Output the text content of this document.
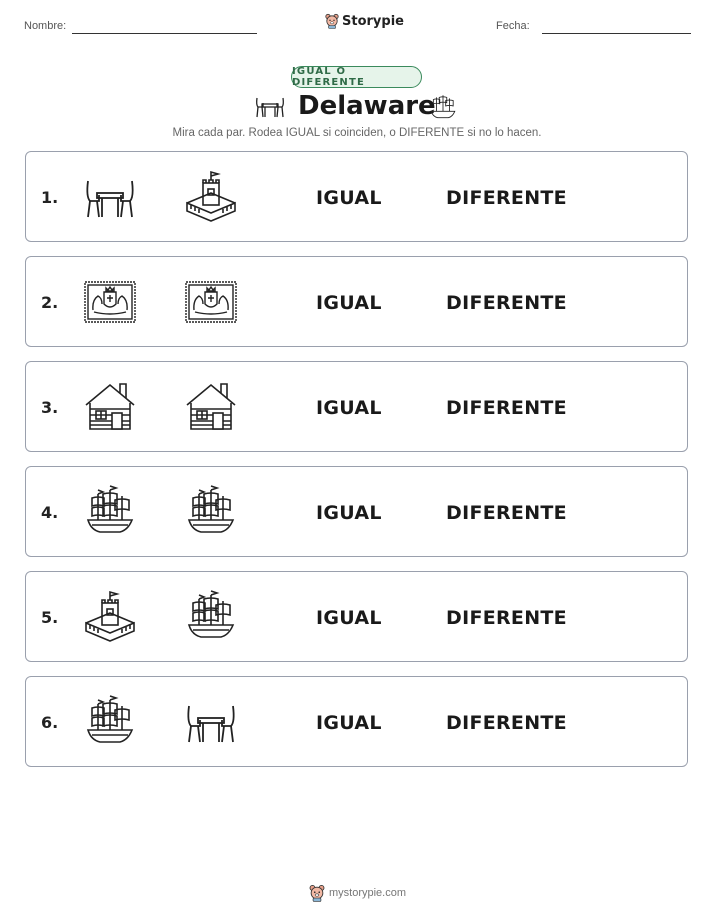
Nombre:	Storypie	Fecha:
IGUAL O DIFERENTE
Delaware
Mira cada par. Rodea IGUAL si coinciden, o DIFERENTE si no lo hacen.
1.	IGUAL	DIFERENTE
2.	IGUAL	DIFERENTE
3.	IGUAL	DIFERENTE
4.	IGUAL	DIFERENTE
5.	IGUAL	DIFERENTE
6.	IGUAL	DIFERENTE
mystorypie.com
